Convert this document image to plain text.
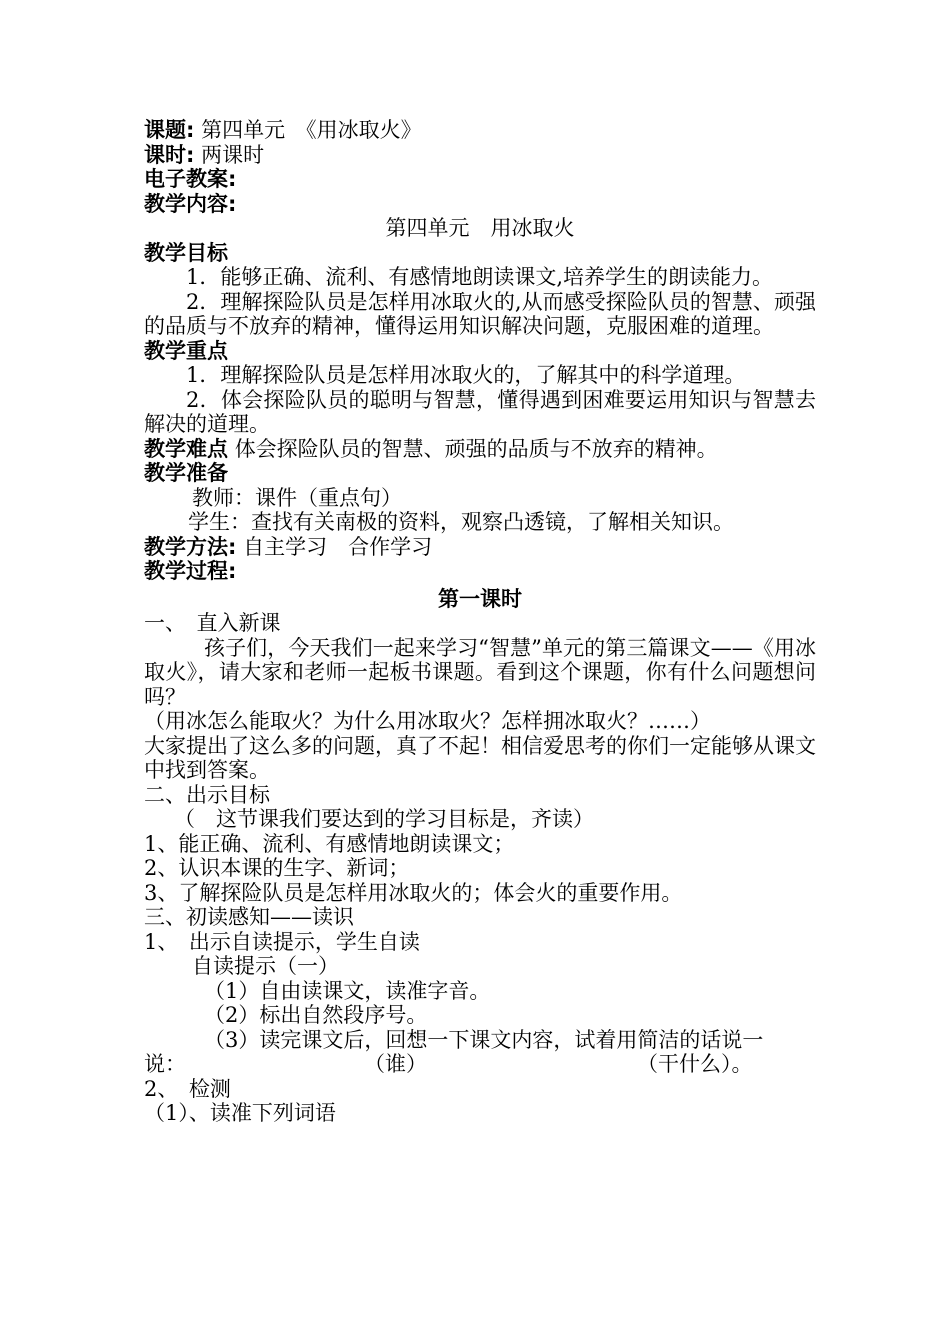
课题: 第四单元　《用冰取火》
课时: 两课时
电子教案:
教学内容:
第四单元　用冰取火
教学目标
1．能够正确、流利、有感情地朗读课文,培养学生的朗读能力。
2．理解探险队员是怎样用冰取火的,从而感受探险队员的智慧、顽强的品质与不放弃的精神，懂得运用知识解决问题，克服困难的道理。
教学重点
1．理解探险队员是怎样用冰取火的，了解其中的科学道理。
2．体会探险队员的聪明与智慧，懂得遇到困难要运用知识与智慧去解决的道理。
教学难点 体会探险队员的智慧、顽强的品质与不放弃的精神。
教学准备
教师：课件（重点句）
学生：查找有关南极的资料，观察凸透镜，了解相关知识。
教学方法: 自主学习　合作学习
教学过程:
第一课时
一、　直入新课
孩子们，今天我们一起来学习“智慧”单元的第三篇课文——《用冰取火》，请大家和老师一起板书课题。看到这个课题，你有什么问题想问吗？
（用冰怎么能取火？为什么用冰取火？怎样拥冰取火？……）
大家提出了这么多的问题，真了不起！相信爱思考的你们一定能够从课文中找到答案。
二、出示目标
（　这节课我们要达到的学习目标是，齐读）
1、能正确、流利、有感情地朗读课文；
2、认识本课的生字、新词；
3、了解探险队员是怎样用冰取火的；体会火的重要作用。
三、初读感知——读识
1、　出示自读提示，学生自读
自读提示（一）
（1）自由读课文，读准字音。
（2）标出自然段序号。
（3）读完课文后，回想一下课文内容，试着用简洁的话说一
说：	（谁）	（干什么）。
2、　检测
（1）、读准下列词语
